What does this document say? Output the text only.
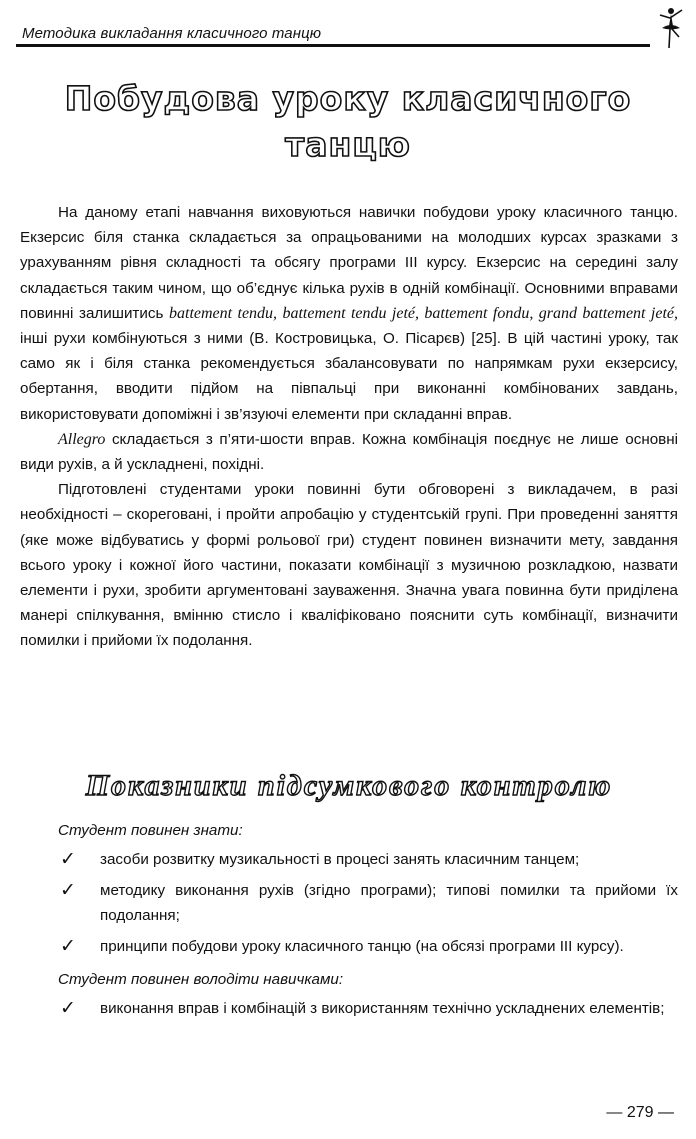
Методика викладання класичного танцю
Побудова уроку класичного
танцю

На даному етапі навчання виховуються навички побудови уроку класичного танцю. Екзерсис біля станка складається за опрацьованими на молодших курсах зразками з урахуванням рівня складності та обсягу програми ІІІ курсу. Екзерсис на середині залу складається таким чином, що об’єднує кілька рухів в одній комбінації. Основними вправами повинні залишитись battement tendu, battement tendu jeté, battement fondu, grand battement jeté, інші рухи комбінуються з ними (В. Костровицька, О. Пісарєв) [25]. В цій частині уроку, так само як і біля станка рекомендується збалансовувати по напрямкам рухи екзерсису, обертання, вводити підйом на півпальці при виконанні комбінованих завдань, використовувати допоміжні і зв’язуючі елементи при складанні вправ.

Allegro складається з п’яти-шости вправ. Кожна комбінація поєднує не лише основні види рухів, а й ускладнені, похідні.

Підготовлені студентами уроки повинні бути обговорені з викладачем, в разі необхідності – скореговані, і пройти апробацію у студентській групі. При проведенні заняття (яке може відбуватись у формі рольової гри) студент повинен визначити мету, завдання всього уроку і кожної його частини, показати комбінації з музичною розкладкою, назвати елементи і рухи, зробити аргументовані зауваження. Значна увага повинна бути приділена манері спілкування, вмінню стисло і кваліфіковано пояснити суть комбінації, визначити помилки і прийоми їх подолання.

Показники підсумкового контролю
Студент повинен знати:
✓ засоби розвитку музикальності в процесі занять класичним танцем;
✓ методику виконання рухів (згідно програми); типові помилки та прийоми їх подолання;
✓ принципи побудови уроку класичного танцю (на обсязі програми ІІІ курсу).
Студент повинен володіти навичками:
✓ виконання вправ і комбінацій з використанням технічно ускладнених елементів;
— 279 —
